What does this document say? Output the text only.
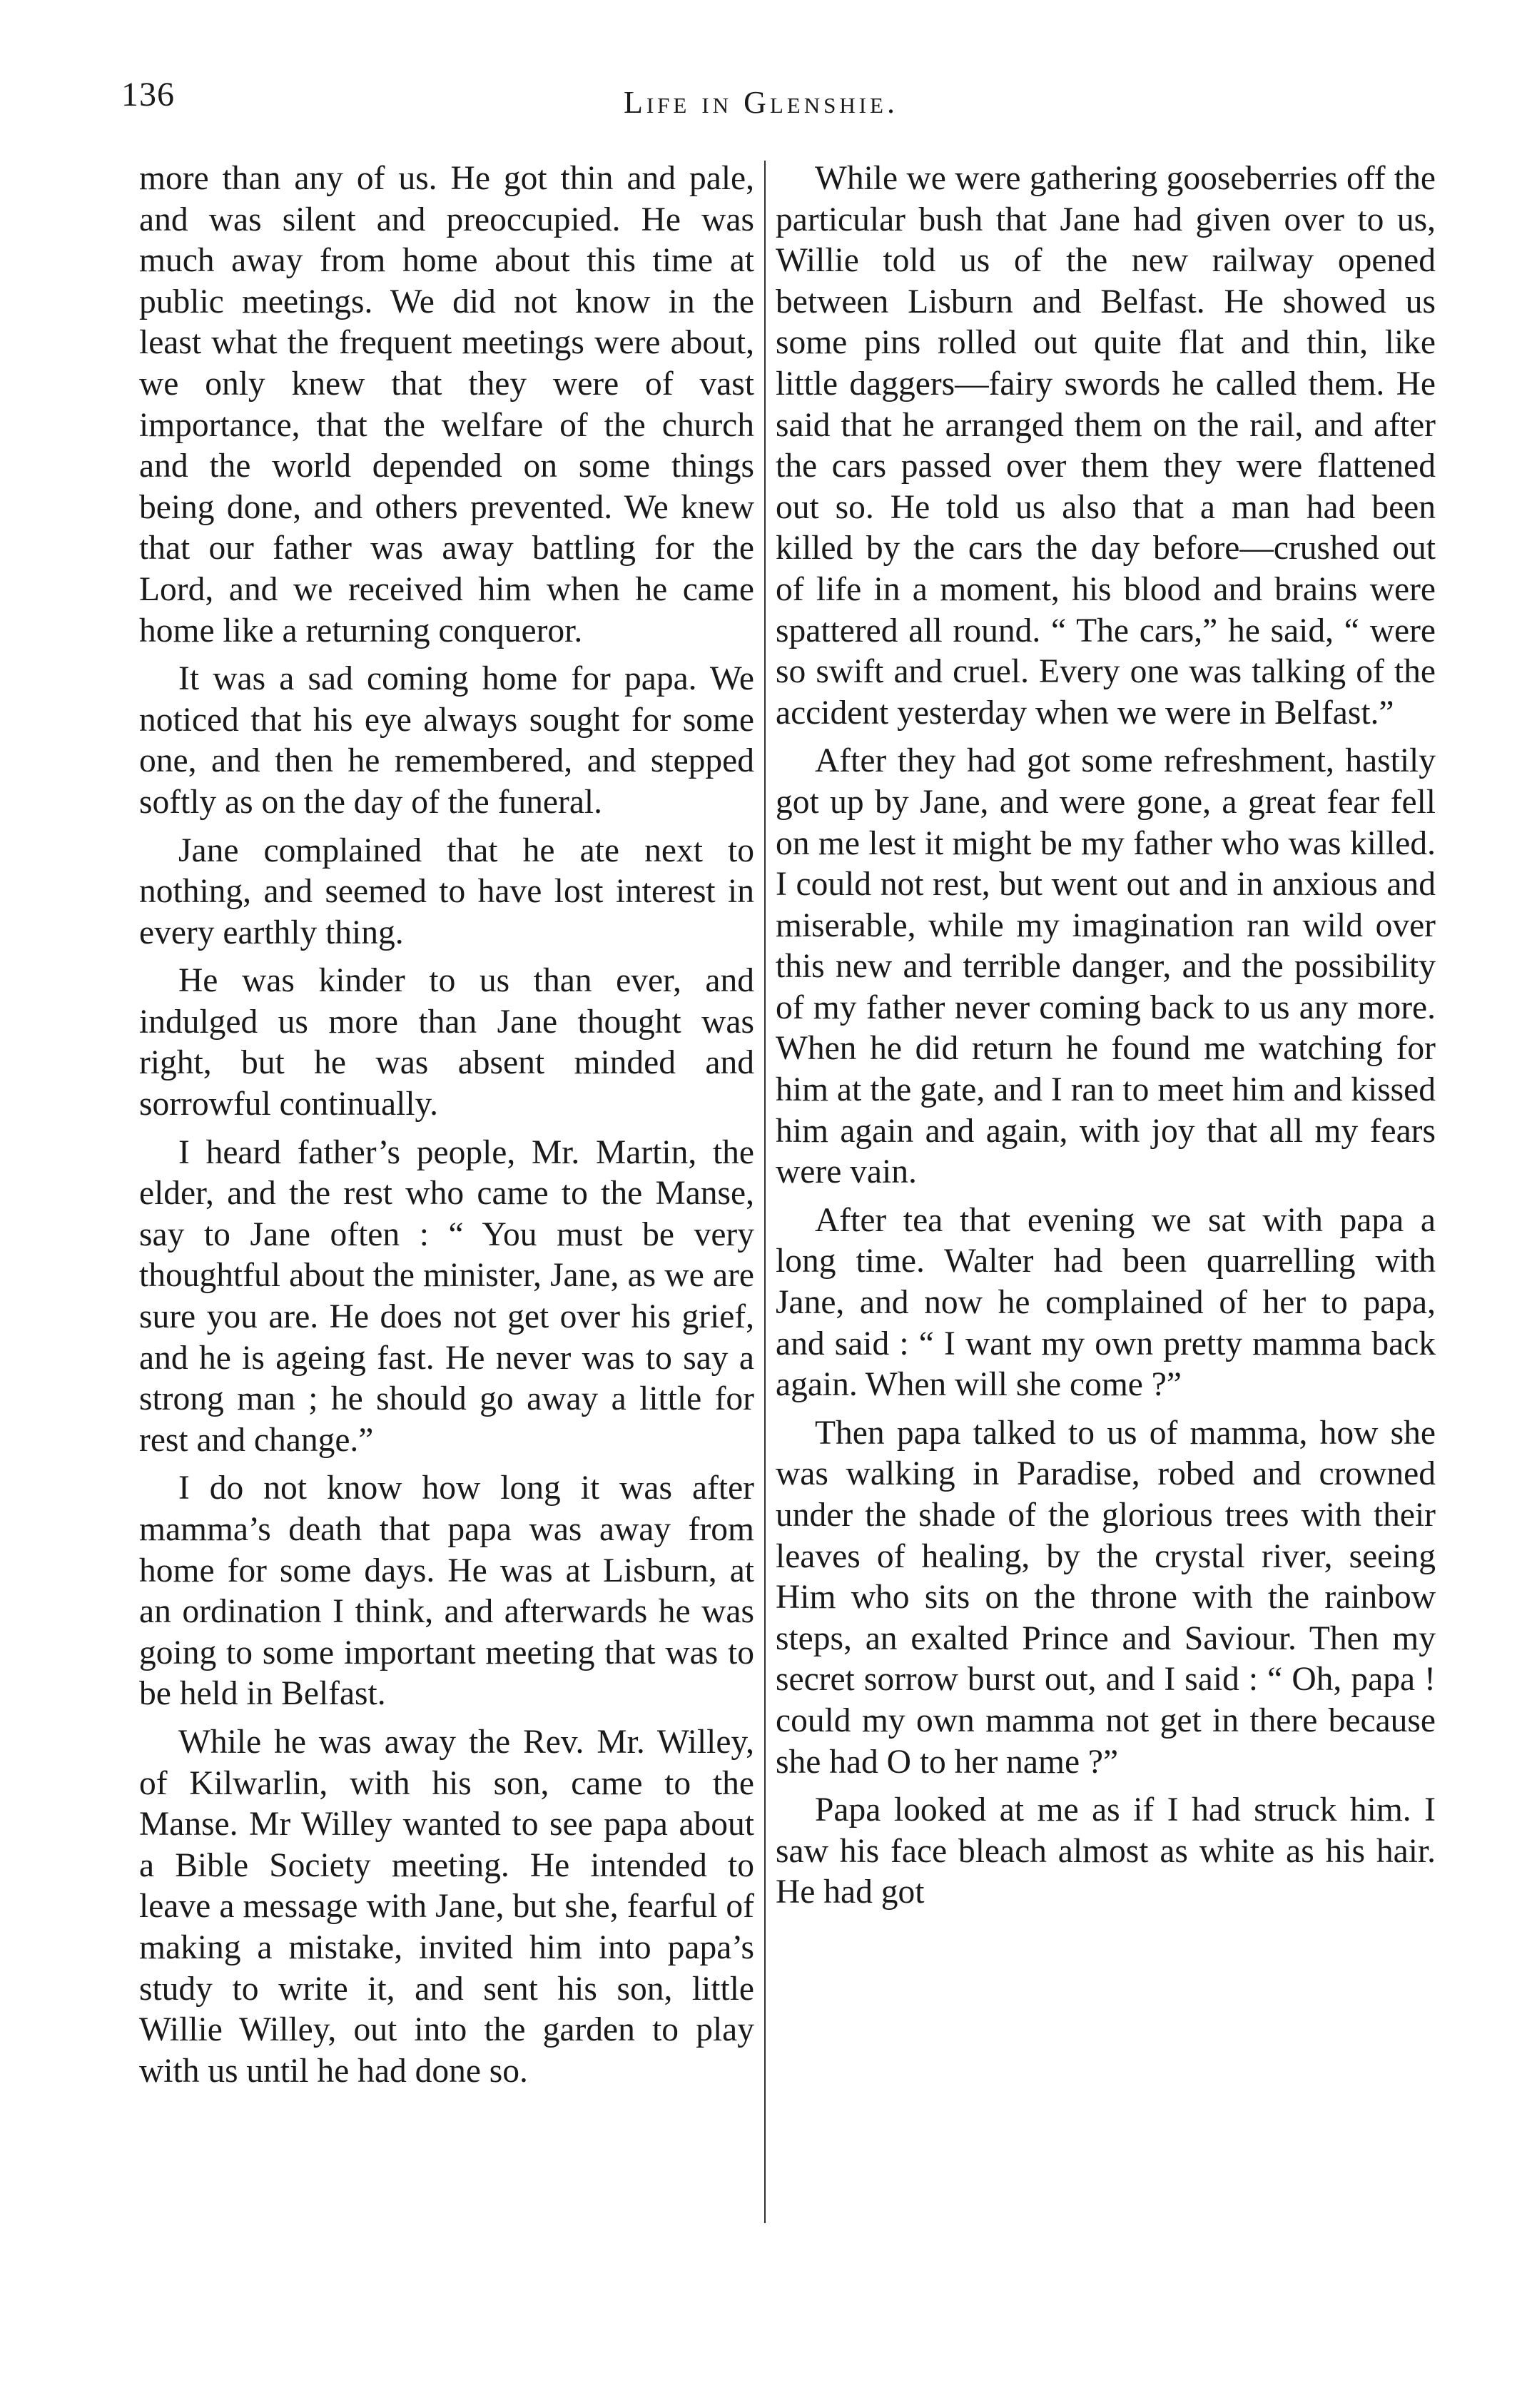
136	Life in Glenshie.

more than any of us. He got thin and pale, and was silent and preoccupied. He was much away from home about this time at public meetings. We did not know in the least what the frequent meetings were about, we only knew that they were of vast importance, that the welfare of the church and the world depended on some things being done, and others prevented. We knew that our father was away battling for the Lord, and we received him when he came home like a returning conqueror.

It was a sad coming home for papa. We noticed that his eye always sought for some one, and then he remembered, and stepped softly as on the day of the funeral.

Jane complained that he ate next to nothing, and seemed to have lost interest in every earthly thing.

He was kinder to us than ever, and indulged us more than Jane thought was right, but he was absent minded and sorrowful continually.

I heard father’s people, Mr. Martin, the elder, and the rest who came to the Manse, say to Jane often : “ You must be very thoughtful about the minister, Jane, as we are sure you are. He does not get over his grief, and he is ageing fast. He never was to say a strong man ; he should go away a little for rest and change.”

I do not know how long it was after mamma’s death that papa was away from home for some days. He was at Lisburn, at an ordination I think, and afterwards he was going to some important meeting that was to be held in Belfast.

While he was away the Rev. Mr. Willey, of Kilwarlin, with his son, came to the Manse. Mr Willey wanted to see papa about a Bible Society meeting. He intended to leave a message with Jane, but she, fearful of making a mistake, invited him into papa’s study to write it, and sent his son, little Willie Willey, out into the garden to play with us until he had done so.

While we were gathering gooseberries off the particular bush that Jane had given over to us, Willie told us of the new railway opened between Lisburn and Belfast. He showed us some pins rolled out quite flat and thin, like little daggers—fairy swords he called them. He said that he arranged them on the rail, and after the cars passed over them they were flattened out so. He told us also that a man had been killed by the cars the day before—crushed out of life in a moment, his blood and brains were spattered all round. “ The cars,” he said, “ were so swift and cruel. Every one was talking of the accident yesterday when we were in Belfast.”

After they had got some refreshment, hastily got up by Jane, and were gone, a great fear fell on me lest it might be my father who was killed. I could not rest, but went out and in anxious and miserable, while my imagination ran wild over this new and terrible danger, and the possibility of my father never coming back to us any more. When he did return he found me watching for him at the gate, and I ran to meet him and kissed him again and again, with joy that all my fears were vain.

After tea that evening we sat with papa a long time. Walter had been quarrelling with Jane, and now he complained of her to papa, and said : “ I want my own pretty mamma back again. When will she come ?”

Then papa talked to us of mamma, how she was walking in Paradise, robed and crowned under the shade of the glorious trees with their leaves of healing, by the crystal river, seeing Him who sits on the throne with the rainbow steps, an exalted Prince and Saviour. Then my secret sorrow burst out, and I said : “ Oh, papa ! could my own mamma not get in there because she had O to her name ?”

Papa looked at me as if I had struck him. I saw his face bleach almost as white as his hair. He had got
